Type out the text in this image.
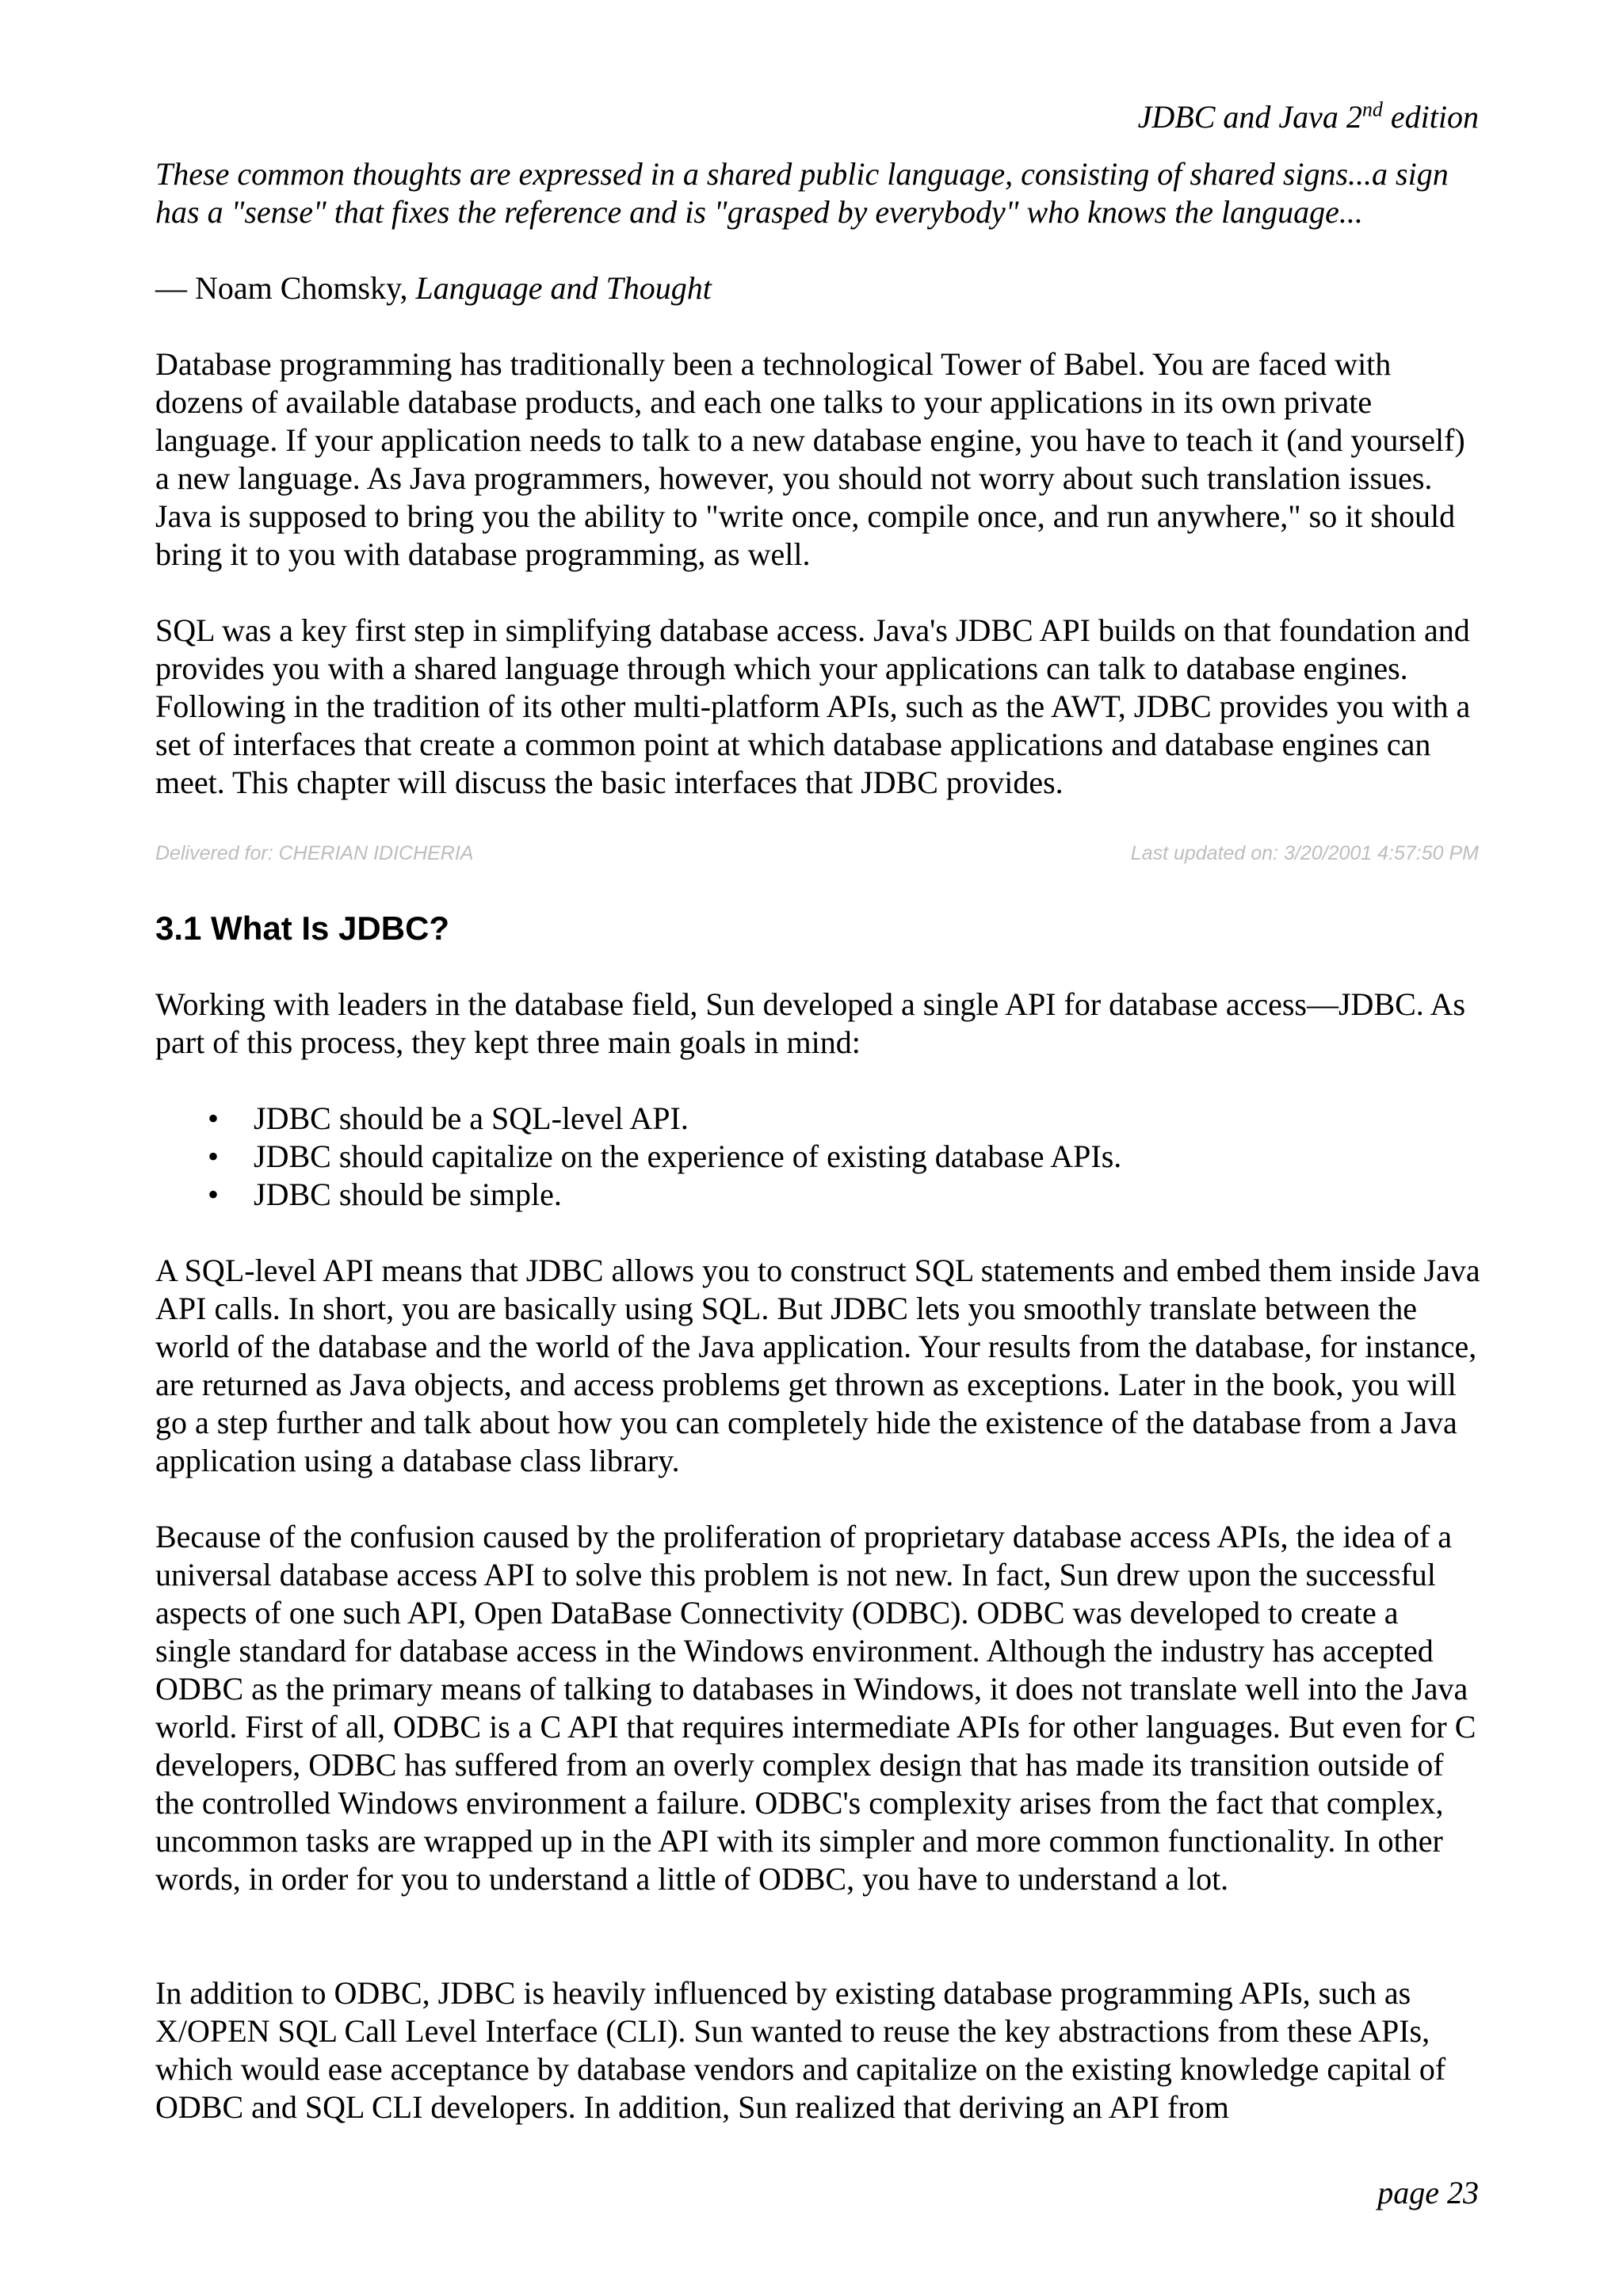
JDBC and Java 2nd edition

These common thoughts are expressed in a shared public language, consisting of shared signs...a sign has a "sense" that fixes the reference and is "grasped by everybody" who knows the language...

— Noam Chomsky, Language and Thought

Database programming has traditionally been a technological Tower of Babel. You are faced with dozens of available database products, and each one talks to your applications in its own private language. If your application needs to talk to a new database engine, you have to teach it (and yourself) a new language. As Java programmers, however, you should not worry about such translation issues. Java is supposed to bring you the ability to "write once, compile once, and run anywhere," so it should bring it to you with database programming, as well.

SQL was a key first step in simplifying database access. Java's JDBC API builds on that foundation and provides you with a shared language through which your applications can talk to database engines. Following in the tradition of its other multi-platform APIs, such as the AWT, JDBC provides you with a set of interfaces that create a common point at which database applications and database engines can meet. This chapter will discuss the basic interfaces that JDBC provides.

Delivered for: CHERIAN IDICHERIA	Last updated on: 3/20/2001 4:57:50 PM
3.1 What Is JDBC?

Working with leaders in the database field, Sun developed a single API for database access—JDBC. As part of this process, they kept three main goals in mind:

• JDBC should be a SQL-level API.
• JDBC should capitalize on the experience of existing database APIs.
• JDBC should be simple.

A SQL-level API means that JDBC allows you to construct SQL statements and embed them inside Java API calls. In short, you are basically using SQL. But JDBC lets you smoothly translate between the world of the database and the world of the Java application. Your results from the database, for instance, are returned as Java objects, and access problems get thrown as exceptions. Later in the book, you will go a step further and talk about how you can completely hide the existence of the database from a Java application using a database class library.

Because of the confusion caused by the proliferation of proprietary database access APIs, the idea of a universal database access API to solve this problem is not new. In fact, Sun drew upon the successful aspects of one such API, Open DataBase Connectivity (ODBC). ODBC was developed to create a single standard for database access in the Windows environment. Although the industry has accepted ODBC as the primary means of talking to databases in Windows, it does not translate well into the Java world. First of all, ODBC is a C API that requires intermediate APIs for other languages. But even for C developers, ODBC has suffered from an overly complex design that has made its transition outside of the controlled Windows environment a failure. ODBC's complexity arises from the fact that complex, uncommon tasks are wrapped up in the API with its simpler and more common functionality. In other words, in order for you to understand a little of ODBC, you have to understand a lot.

In addition to ODBC, JDBC is heavily influenced by existing database programming APIs, such as X/OPEN SQL Call Level Interface (CLI). Sun wanted to reuse the key abstractions from these APIs, which would ease acceptance by database vendors and capitalize on the existing knowledge capital of ODBC and SQL CLI developers. In addition, Sun realized that deriving an API from

page 23
